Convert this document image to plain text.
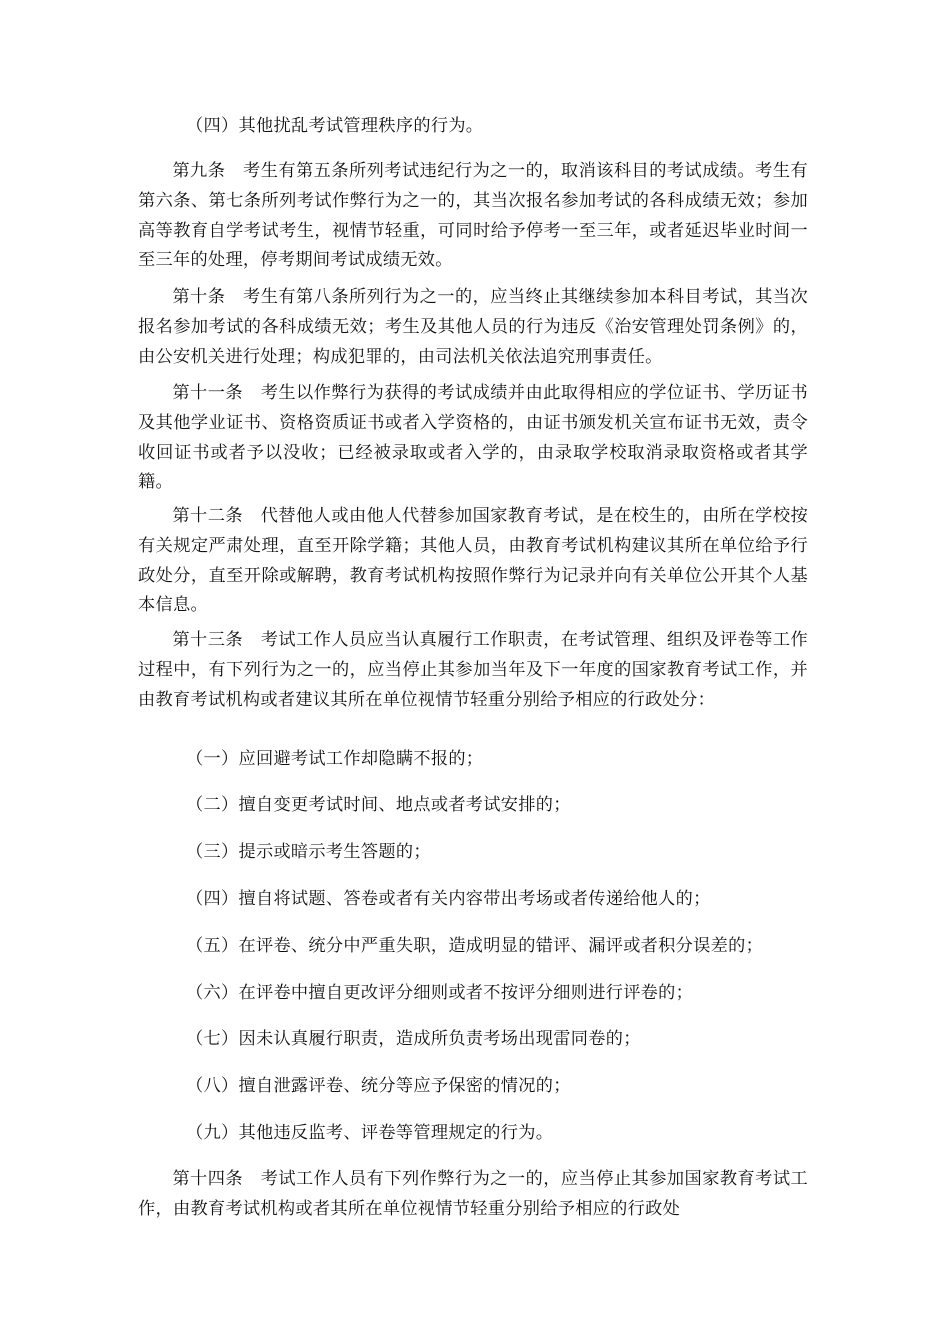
（四）其他扰乱考试管理秩序的行为。

第九条　考生有第五条所列考试违纪行为之一的，取消该科目的考试成绩。考生有第六条、第七条所列考试作弊行为之一的，其当次报名参加考试的各科成绩无效；参加高等教育自学考试考生，视情节轻重，可同时给予停考一至三年，或者延迟毕业时间一至三年的处理，停考期间考试成绩无效。

第十条　考生有第八条所列行为之一的，应当终止其继续参加本科目考试，其当次报名参加考试的各科成绩无效；考生及其他人员的行为违反《治安管理处罚条例》的，由公安机关进行处理；构成犯罪的，由司法机关依法追究刑事责任。

第十一条　考生以作弊行为获得的考试成绩并由此取得相应的学位证书、学历证书及其他学业证书、资格资质证书或者入学资格的，由证书颁发机关宣布证书无效，责令收回证书或者予以没收；已经被录取或者入学的，由录取学校取消录取资格或者其学籍。

第十二条　代替他人或由他人代替参加国家教育考试，是在校生的，由所在学校按有关规定严肃处理，直至开除学籍；其他人员，由教育考试机构建议其所在单位给予行政处分，直至开除或解聘，教育考试机构按照作弊行为记录并向有关单位公开其个人基本信息。

第十三条　考试工作人员应当认真履行工作职责，在考试管理、组织及评卷等工作过程中，有下列行为之一的，应当停止其参加当年及下一年度的国家教育考试工作，并由教育考试机构或者建议其所在单位视情节轻重分别给予相应的行政处分：

（一）应回避考试工作却隐瞒不报的；

（二）擅自变更考试时间、地点或者考试安排的；

（三）提示或暗示考生答题的；

（四）擅自将试题、答卷或者有关内容带出考场或者传递给他人的；

（五）在评卷、统分中严重失职，造成明显的错评、漏评或者积分误差的；

（六）在评卷中擅自更改评分细则或者不按评分细则进行评卷的；

（七）因未认真履行职责，造成所负责考场出现雷同卷的；

（八）擅自泄露评卷、统分等应予保密的情况的；

（九）其他违反监考、评卷等管理规定的行为。

第十四条　考试工作人员有下列作弊行为之一的，应当停止其参加国家教育考试工作，由教育考试机构或者其所在单位视情节轻重分别给予相应的行政处
